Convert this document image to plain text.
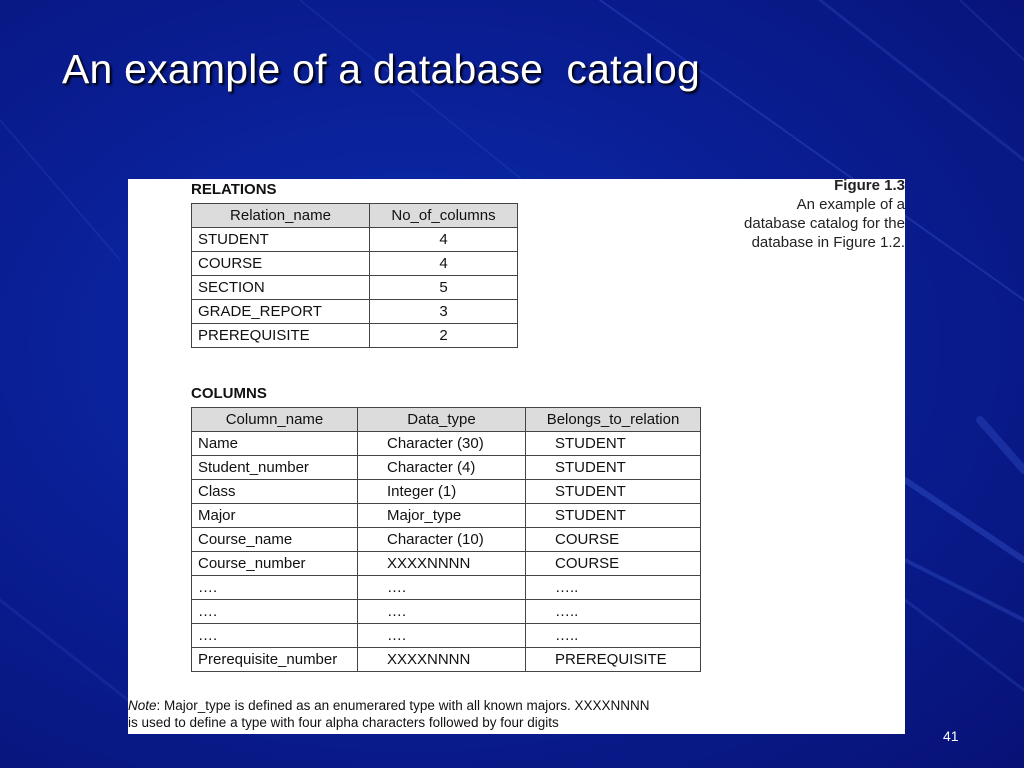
An example of a database  catalog
Figure 1.3
An example of a
database catalog for the
database in Figure 1.2.
RELATIONS
Relation_name	No_of_columns
STUDENT	4
COURSE	4
SECTION	5
GRADE_REPORT	3
PREREQUISITE	2
COLUMNS
Column_name	Data_type	Belongs_to_relation
Name	Character (30)	STUDENT
Student_number	Character (4)	STUDENT
Class	Integer (1)	STUDENT
Major	Major_type	STUDENT
Course_name	Character (10)	COURSE
Course_number	XXXXNNNN	COURSE
….	….	…..
….	….	…..
….	….	…..
Prerequisite_number	XXXXNNNN	PREREQUISITE

Note: Major_type is defined as an enumerared type with all known majors. XXXXNNNN
is used to define a type with four alpha characters followed by four digits

41
